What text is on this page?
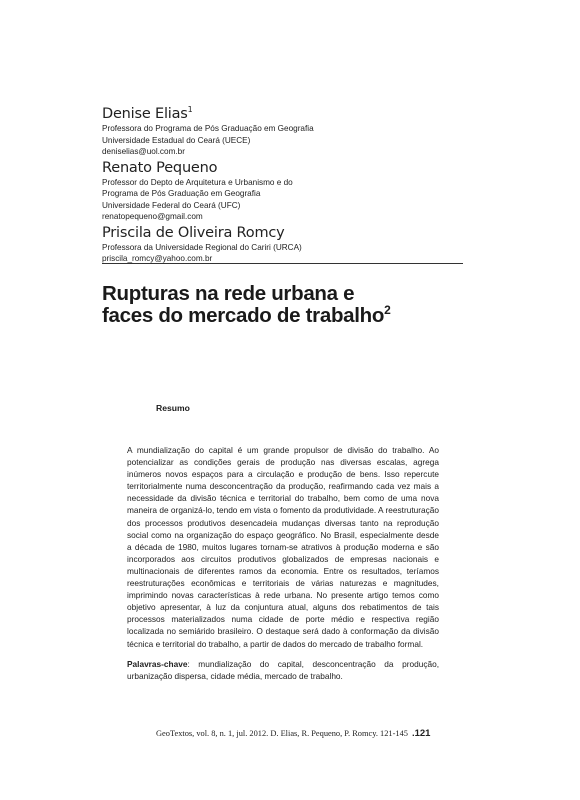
Denise Elias$^1$
Professora do Programa de Pós Graduação em Geografia
Universidade Estadual do Ceará (UECE)
deniselias@uol.com.br
Renato Pequeno
Professor do Depto de Arquitetura e Urbanismo e do
Programa de Pós Graduação em Geografia
Universidade Federal do Ceará (UFC)
renatopequeno@gmail.com
Priscila de Oliveira Romcy
Professora da Universidade Regional do Cariri (URCA)
priscila_romcy@yahoo.com.br
Rupturas na rede urbana e
faces do mercado de trabalho$^2$
Resumo
A mundialização do capital é um grande propulsor de divisão do trabalho. Ao potencializar as condições gerais de produção nas diversas escalas, agrega inúmeros novos espaços para a circulação e produção de bens. Isso repercute territorialmente numa desconcentração da produção, reafirmando cada vez mais a necessidade da divisão técnica e territorial do trabalho, bem como de uma nova maneira de organizá-lo, tendo em vista o fomento da produtividade. A reestruturação dos processos produtivos desencadeia mudanças diversas tanto na reprodução social como na organização do espaço geográfico. No Brasil, especialmente desde a década de 1980, muitos lugares tornam-se atrativos à produção moderna e são incorporados aos circuitos produtivos globalizados de empresas nacionais e multinacionais de diferentes ramos da economia. Entre os resultados, teríamos reestruturações econômicas e territoriais de várias naturezas e magnitudes, imprimindo novas características à rede urbana. No presente artigo temos como objetivo apresentar, à luz da conjuntura atual, alguns dos rebatimentos de tais processos materializados numa cidade de porte médio e respectiva região localizada no semiárido brasileiro. O destaque será dado à conformação da divisão técnica e territorial do trabalho, a partir de dados do mercado de trabalho formal.
Palavras-chave: mundialização do capital, desconcentração da produção, urbanização dispersa, cidade média, mercado de trabalho.
GeoTextos, vol. 8, n. 1, jul. 2012. D. Elias, R. Pequeno, P. Romcy. 121-145 .121
